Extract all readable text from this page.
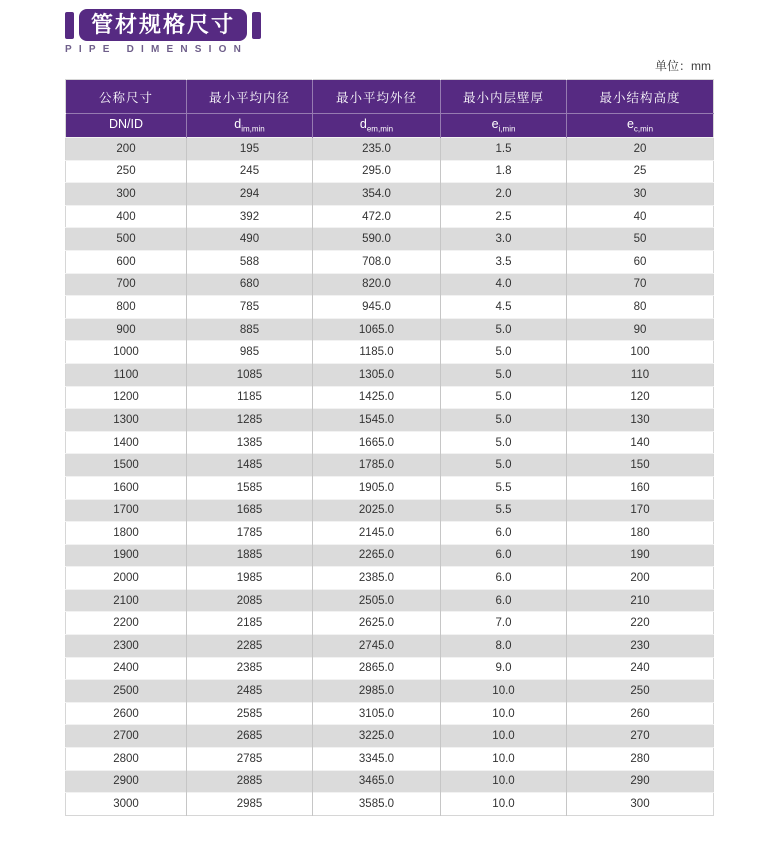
管材规格尺寸
PIPE DIMENSION
单位：mm
公称尺寸	最小平均内径	最小平均外径	最小内层壁厚	最小结构高度
DN/ID	$d_{im,min}$	$d_{em,min}$	$e_{i,min}$	$e_{c,min}$
200	195	235.0	1.5	20
250	245	295.0	1.8	25
300	294	354.0	2.0	30
400	392	472.0	2.5	40
500	490	590.0	3.0	50
600	588	708.0	3.5	60
700	680	820.0	4.0	70
800	785	945.0	4.5	80
900	885	1065.0	5.0	90
1000	985	1185.0	5.0	100
1100	1085	1305.0	5.0	110
1200	1185	1425.0	5.0	120
1300	1285	1545.0	5.0	130
1400	1385	1665.0	5.0	140
1500	1485	1785.0	5.0	150
1600	1585	1905.0	5.5	160
1700	1685	2025.0	5.5	170
1800	1785	2145.0	6.0	180
1900	1885	2265.0	6.0	190
2000	1985	2385.0	6.0	200
2100	2085	2505.0	6.0	210
2200	2185	2625.0	7.0	220
2300	2285	2745.0	8.0	230
2400	2385	2865.0	9.0	240
2500	2485	2985.0	10.0	250
2600	2585	3105.0	10.0	260
2700	2685	3225.0	10.0	270
2800	2785	3345.0	10.0	280
2900	2885	3465.0	10.0	290
3000	2985	3585.0	10.0	300
